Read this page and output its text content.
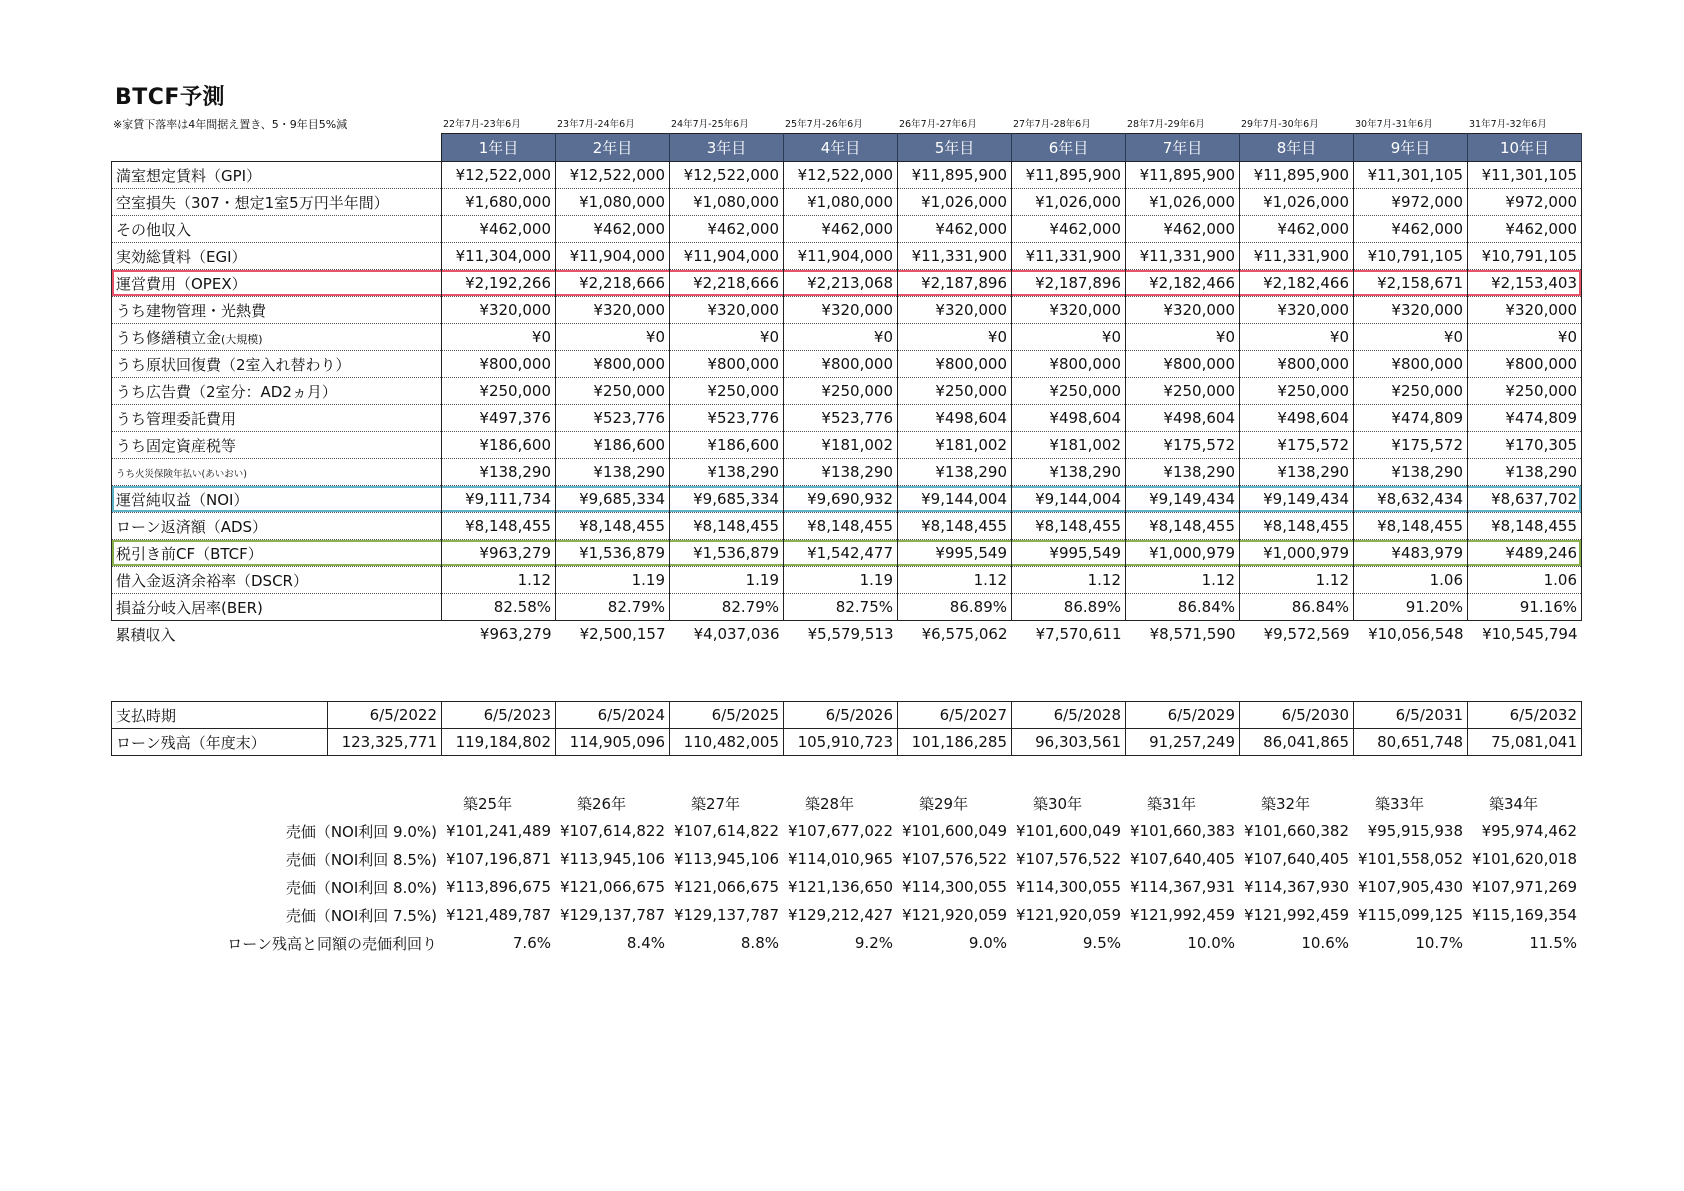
BTCF予測
※家賃下落率は4年間据え置き、5・9年目5%減	22年7月-23年6月	23年7月-24年6月	24年7月-25年6月	25年7月-26年6月	26年7月-27年6月	27年7月-28年6月	28年7月-29年6月	29年7月-30年6月	30年7月-31年6月	31年7月-32年6月
	1年目	2年目	3年目	4年目	5年目	6年目	7年目	8年目	9年目	10年目
満室想定賃料（GPI）	¥12,522,000	¥12,522,000	¥12,522,000	¥12,522,000	¥11,895,900	¥11,895,900	¥11,895,900	¥11,895,900	¥11,301,105	¥11,301,105
空室損失（307・想定1室5万円半年間）	¥1,680,000	¥1,080,000	¥1,080,000	¥1,080,000	¥1,026,000	¥1,026,000	¥1,026,000	¥1,026,000	¥972,000	¥972,000
その他収入	¥462,000	¥462,000	¥462,000	¥462,000	¥462,000	¥462,000	¥462,000	¥462,000	¥462,000	¥462,000
実効総賃料（EGI）	¥11,304,000	¥11,904,000	¥11,904,000	¥11,904,000	¥11,331,900	¥11,331,900	¥11,331,900	¥11,331,900	¥10,791,105	¥10,791,105
運営費用（OPEX）	¥2,192,266	¥2,218,666	¥2,218,666	¥2,213,068	¥2,187,896	¥2,187,896	¥2,182,466	¥2,182,466	¥2,158,671	¥2,153,403
うち建物管理・光熱費	¥320,000	¥320,000	¥320,000	¥320,000	¥320,000	¥320,000	¥320,000	¥320,000	¥320,000	¥320,000
うち修繕積立金(大規模)	¥0	¥0	¥0	¥0	¥0	¥0	¥0	¥0	¥0	¥0
うち原状回復費（2室入れ替わり）	¥800,000	¥800,000	¥800,000	¥800,000	¥800,000	¥800,000	¥800,000	¥800,000	¥800,000	¥800,000
うち広告費（2室分：AD2ヵ月）	¥250,000	¥250,000	¥250,000	¥250,000	¥250,000	¥250,000	¥250,000	¥250,000	¥250,000	¥250,000
うち管理委託費用	¥497,376	¥523,776	¥523,776	¥523,776	¥498,604	¥498,604	¥498,604	¥498,604	¥474,809	¥474,809
うち固定資産税等	¥186,600	¥186,600	¥186,600	¥181,002	¥181,002	¥181,002	¥175,572	¥175,572	¥175,572	¥170,305
うち火災保険年払い(あいおい)	¥138,290	¥138,290	¥138,290	¥138,290	¥138,290	¥138,290	¥138,290	¥138,290	¥138,290	¥138,290
運営純収益（NOI）	¥9,111,734	¥9,685,334	¥9,685,334	¥9,690,932	¥9,144,004	¥9,144,004	¥9,149,434	¥9,149,434	¥8,632,434	¥8,637,702
ローン返済額（ADS）	¥8,148,455	¥8,148,455	¥8,148,455	¥8,148,455	¥8,148,455	¥8,148,455	¥8,148,455	¥8,148,455	¥8,148,455	¥8,148,455
税引き前CF（BTCF）	¥963,279	¥1,536,879	¥1,536,879	¥1,542,477	¥995,549	¥995,549	¥1,000,979	¥1,000,979	¥483,979	¥489,246
借入金返済余裕率（DSCR）	1.12	1.19	1.19	1.19	1.12	1.12	1.12	1.12	1.06	1.06
損益分岐入居率(BER)	82.58%	82.79%	82.79%	82.75%	86.89%	86.89%	86.84%	86.84%	91.20%	91.16%
累積収入	¥963,279	¥2,500,157	¥4,037,036	¥5,579,513	¥6,575,062	¥7,570,611	¥8,571,590	¥9,572,569	¥10,056,548	¥10,545,794
支払時期	6/5/2022	6/5/2023	6/5/2024	6/5/2025	6/5/2026	6/5/2027	6/5/2028	6/5/2029	6/5/2030	6/5/2031	6/5/2032
ローン残高（年度末）	123,325,771	119,184,802	114,905,096	110,482,005	105,910,723	101,186,285	96,303,561	91,257,249	86,041,865	80,651,748	75,081,041
	築25年	築26年	築27年	築28年	築29年	築30年	築31年	築32年	築33年	築34年
売価（NOI利回 9.0%)	¥101,241,489	¥107,614,822	¥107,614,822	¥107,677,022	¥101,600,049	¥101,600,049	¥101,660,383	¥101,660,382	¥95,915,938	¥95,974,462
売価（NOI利回 8.5%)	¥107,196,871	¥113,945,106	¥113,945,106	¥114,010,965	¥107,576,522	¥107,576,522	¥107,640,405	¥107,640,405	¥101,558,052	¥101,620,018
売価（NOI利回 8.0%)	¥113,896,675	¥121,066,675	¥121,066,675	¥121,136,650	¥114,300,055	¥114,300,055	¥114,367,931	¥114,367,930	¥107,905,430	¥107,971,269
売価（NOI利回 7.5%)	¥121,489,787	¥129,137,787	¥129,137,787	¥129,212,427	¥121,920,059	¥121,920,059	¥121,992,459	¥121,992,459	¥115,099,125	¥115,169,354
ローン残高と同額の売価利回り	7.6%	8.4%	8.8%	9.2%	9.0%	9.5%	10.0%	10.6%	10.7%	11.5%
